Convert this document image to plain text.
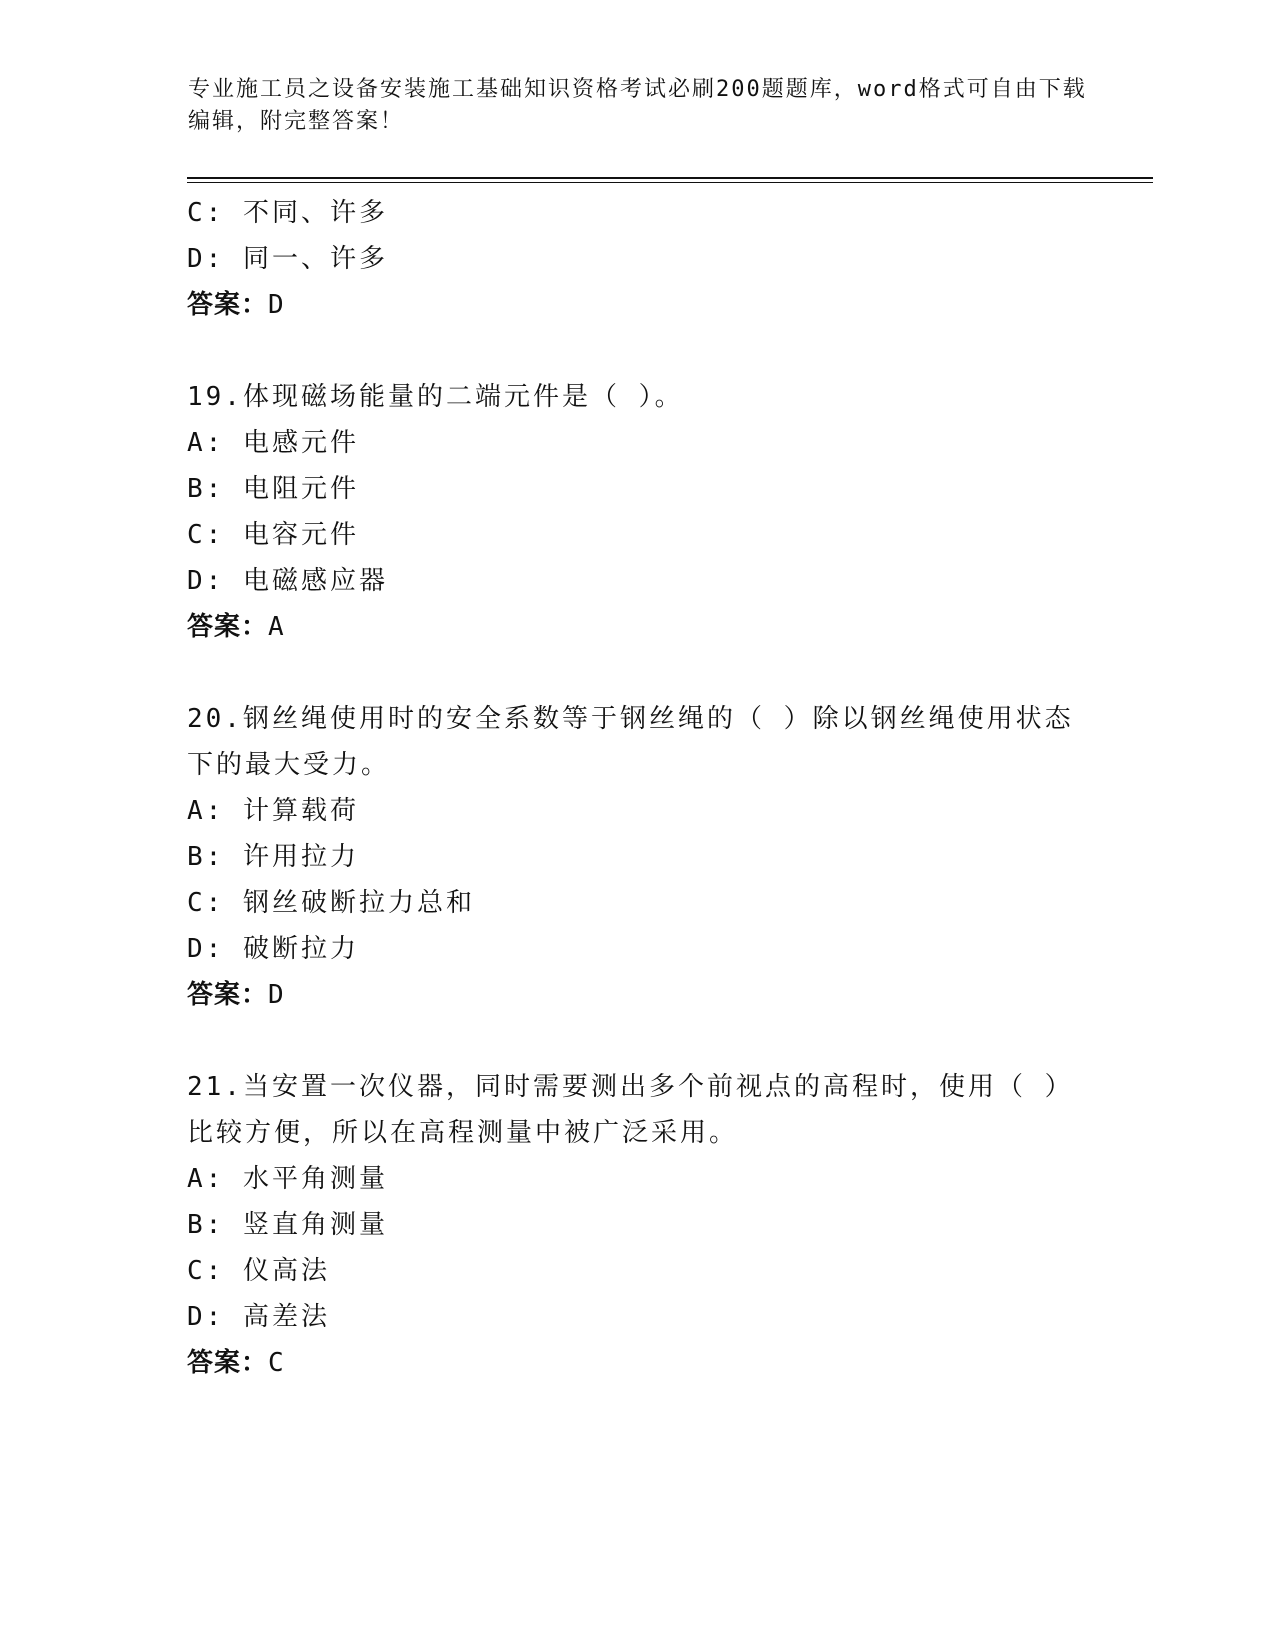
专业施工员之设备安装施工基础知识资格考试必刷200题题库，word格式可自由下载编辑，附完整答案！
C: 不同、许多
D: 同一、许多
答案：D
19.体现磁场能量的二端元件是（ ）。
A: 电感元件
B: 电阻元件
C: 电容元件
D: 电磁感应器
答案：A
20.钢丝绳使用时的安全系数等于钢丝绳的（ ）除以钢丝绳使用状态下的最大受力。
A: 计算载荷
B: 许用拉力
C: 钢丝破断拉力总和
D: 破断拉力
答案：D
21.当安置一次仪器，同时需要测出多个前视点的高程时，使用（ ）比较方便，所以在高程测量中被广泛采用。
A: 水平角测量
B: 竖直角测量
C: 仪高法
D: 高差法
答案：C
